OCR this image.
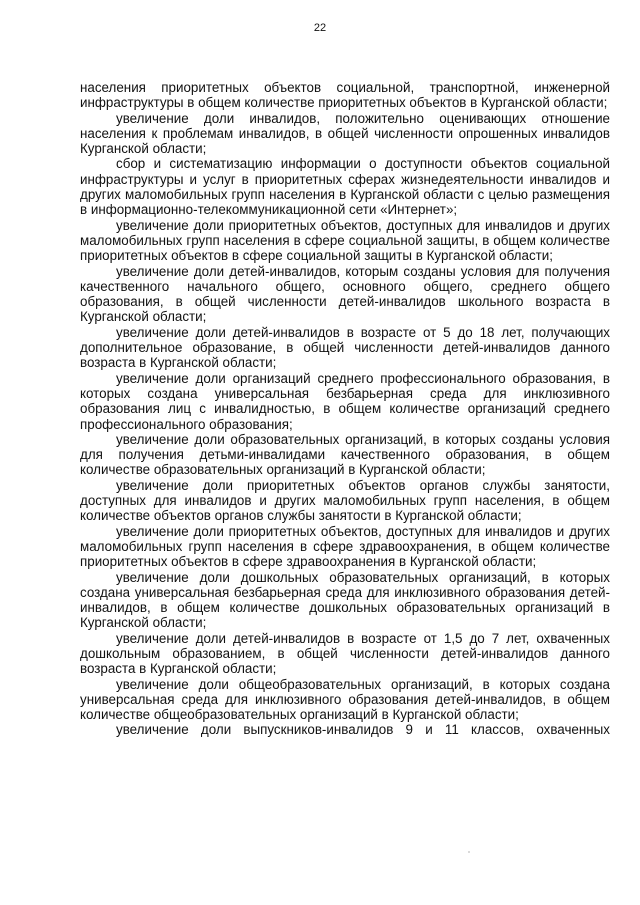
22

населения приоритетных объектов социальной, транспортной, инженерной инфраструктуры в общем количестве приоритетных объектов в Курганской области;

увеличение доли инвалидов, положительно оценивающих отношение населения к проблемам инвалидов, в общей численности опрошенных инвалидов Курганской области;

сбор и систематизацию информации о доступности объектов социальной инфраструктуры и услуг в приоритетных сферах жизнедеятельности инвалидов и других маломобильных групп населения в Курганской области с целью размещения в информационно-телекоммуникационной сети «Интернет»;

увеличение доли приоритетных объектов, доступных для инвалидов и других маломобильных групп населения в сфере социальной защиты, в общем количестве приоритетных объектов в сфере социальной защиты в Курганской области;

увеличение доли детей-инвалидов, которым созданы условия для получения качественного начального общего, основного общего, среднего общего образования, в общей численности детей-инвалидов школьного возраста в Курганской области;

увеличение доли детей-инвалидов в возрасте от 5 до 18 лет, получающих дополнительное образование, в общей численности детей-инвалидов данного возраста в Курганской области;

увеличение доли организаций среднего профессионального образования, в которых создана универсальная безбарьерная среда для инклюзивного образования лиц с инвалидностью, в общем количестве организаций среднего профессионального образования;

увеличение доли образовательных организаций, в которых созданы условия для получения детьми-инвалидами качественного образования, в общем количестве образовательных организаций в Курганской области;

увеличение доли приоритетных объектов органов службы занятости, доступных для инвалидов и других маломобильных групп населения, в общем количестве объектов органов службы занятости в Курганской области;

увеличение доли приоритетных объектов, доступных для инвалидов и других маломобильных групп населения в сфере здравоохранения, в общем количестве приоритетных объектов в сфере здравоохранения в Курганской области;

увеличение доли дошкольных образовательных организаций, в которых создана универсальная безбарьерная среда для инклюзивного образования детей-инвалидов, в общем количестве дошкольных образовательных организаций в Курганской области;

увеличение доли детей-инвалидов в возрасте от 1,5 до 7 лет, охваченных дошкольным образованием, в общей численности детей-инвалидов данного возраста в Курганской области;

увеличение доли общеобразовательных организаций, в которых создана универсальная среда для инклюзивного образования детей-инвалидов, в общем количестве общеобразовательных организаций в Курганской области;

увеличение доли выпускников-инвалидов 9 и 11 классов, охваченных
